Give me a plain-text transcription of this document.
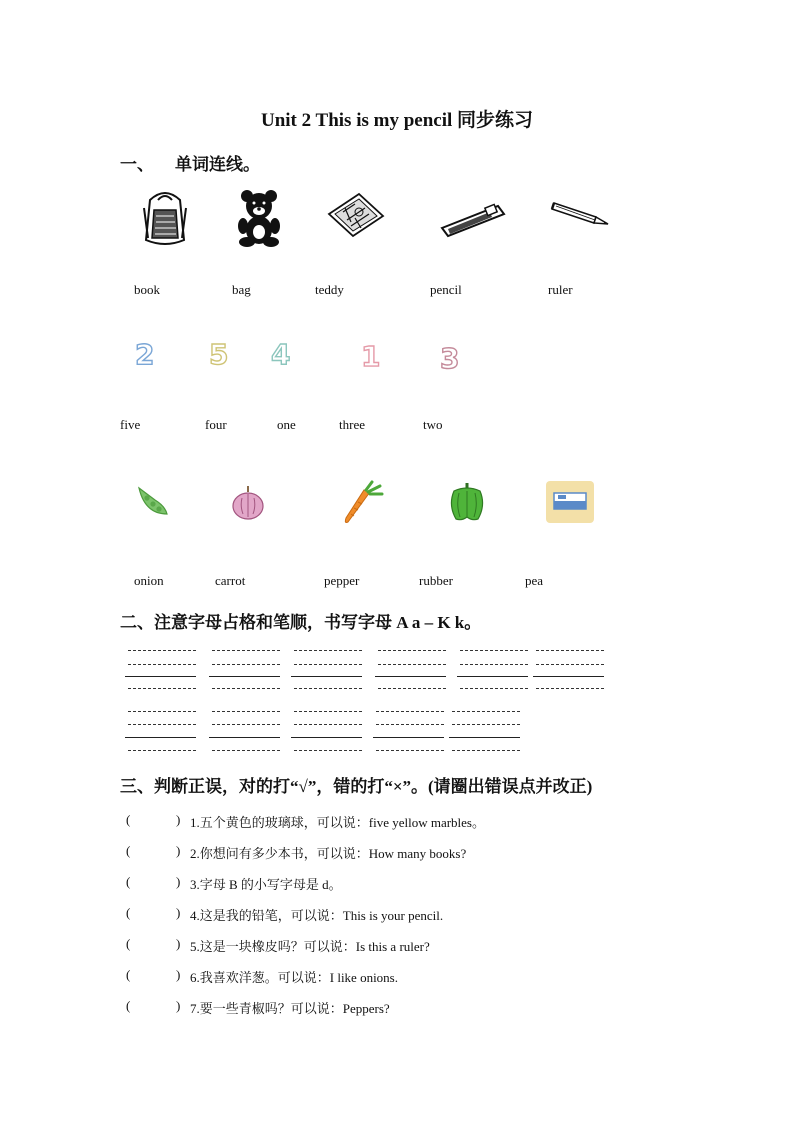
Unit 2 This is my pencil 同步练习
一、 单词连线。
book	bag	teddy	pencil	ruler
2 5 4	1 3
five	four	one	three	two
onion	carrot	pepper	rubber	pea
二、注意字母占格和笔顺，书写字母 A a – K k。
三、判断正误，对的打“√”，错的打“×”。(请圈出错误点并改正)
(	) 1.五个黄色的玻璃球，可以说：five yellow marbles。
(	) 2.你想问有多少本书，可以说：How many books?
(	) 3.字母 B 的小写字母是 d。
(	) 4.这是我的铅笔，可以说：This is your pencil.
(	) 5.这是一块橡皮吗？可以说：Is this a ruler?
(	) 6.我喜欢洋葱。可以说：I like onions.
(	) 7.要一些青椒吗？可以说：Peppers?
